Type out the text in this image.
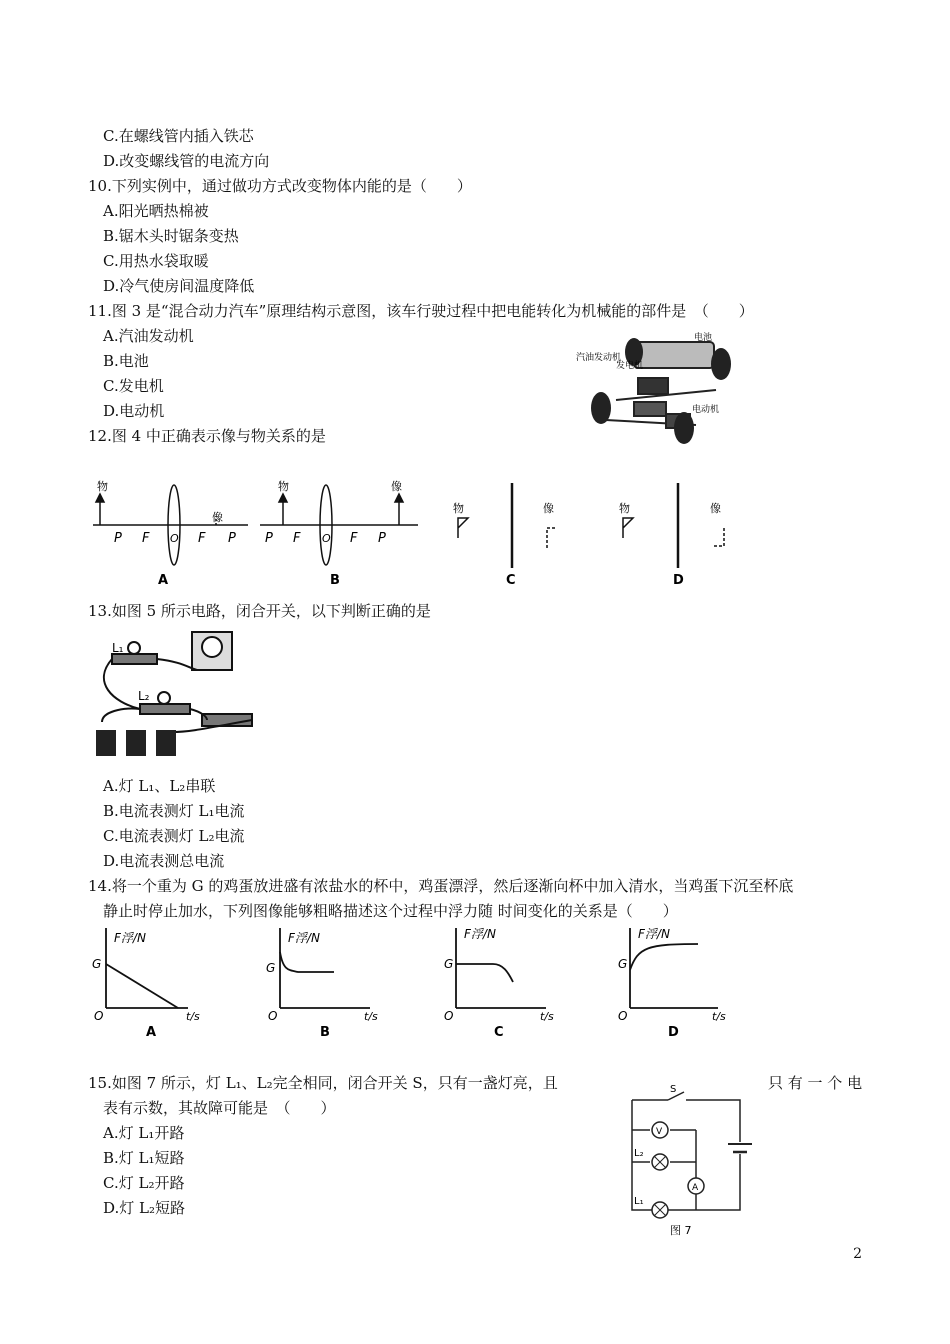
C.在螺线管内插入铁芯
D.改变螺线管的电流方向
10.下列实例中，通过做功方式改变物体内能的是（　　）
A.阳光晒热棉被
B.锯木头时锯条变热
C.用热水袋取暖
D.冷气使房间温度降低
11.图 3 是“混合动力汽车”原理结构示意图，该车行驶过程中把电能转化为机械能的部件是　（　　）
A.汽油发动机
B.电池
C.发电机
D.电动机
电池
汽油发动机
发电机
电动机
12.图 4 中正确表示像与物关系的是
物
像
P F O F P
物	像
P F O F P
物	像	物	像
A	B	C	D
13.如图 5 所示电路，闭合开关，以下判断正确的是
L₁
L₂
A.灯 L₁、L₂串联
B.电流表测灯 L₁电流
C.电流表测灯 L₂电流
D.电流表测总电流
14.将一个重为 G 的鸡蛋放进盛有浓盐水的杯中，鸡蛋漂浮，然后逐渐向杯中加入清水，当鸡蛋下沉至杯底
静止时停止加水，下列图像能够粗略描述这个过程中浮力随 时间变化的关系是（　　）
F浮/N	F浮/N	F浮/N	F浮/N
G	G	G	G
O	O	O	O
t/s	t/s	t/s	t/s
A	B	C	D
15.如图 7 所示，灯 L₁、L₂完全相同，闭合开关 S，只有一盏灯亮，且	只 有 一 个 电
表有示数，其故障可能是　（　　）
A.灯 L₁开路
B.灯 L₁短路
C.灯 L₂开路
D.灯 L₂短路
S
V
A
L₂
L₁
图 7
2
